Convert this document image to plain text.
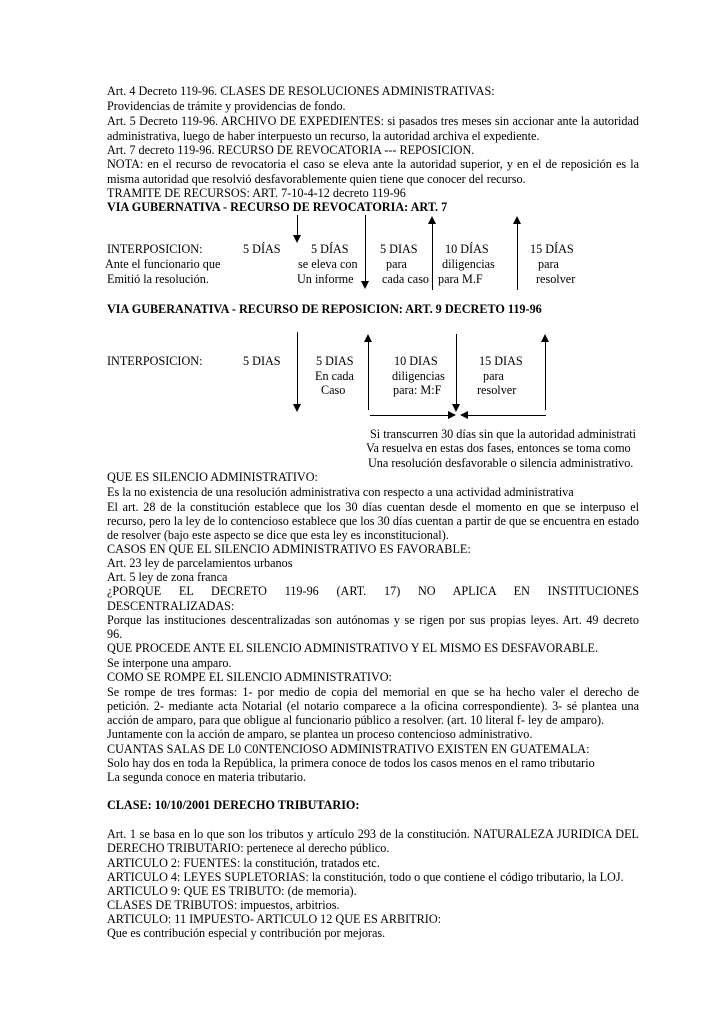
Art. 4 Decreto 119-96. CLASES DE RESOLUCIONES ADMINISTRATIVAS:
Providencias de trámite y providencias de fondo.
Art. 5 Decreto 119-96. ARCHIVO DE EXPEDIENTES: si pasados tres meses sin accionar ante la autoridad
administrativa, luego de haber interpuesto un recurso, la autoridad archiva el expediente.
Art. 7 decreto 119-96. RECURSO DE REVOCATORIA --- REPOSICION.
NOTA: en el recurso de revocatoria el caso se eleva ante la autoridad superior, y en el de reposición es la
misma autoridad que resolvió desfavorablemente quien tiene que conocer del recurso.
TRAMITE DE RECURSOS: ART. 7-10-4-12 decreto 119-96
VIA GUBERNATIVA - RECURSO DE REVOCATORIA: ART. 7
INTERPOSICION:
Ante el funcionario que
Emitió la resolución.
5 DÍAS 5 DÍAS
se eleva con
Un informe
5 DIAS
para
cada caso
10 DÍAS
diligencias
para M.F
15 DÍAS
para
resolver
VIA GUBERANATIVA - RECURSO DE REPOSICION: ART. 9 DECRETO 119-96
INTERPOSICION:	5 DIAS	5 DIAS
En cada
Caso
10 DIAS
diligencias
para: M:F
15 DIAS
para
resolver
Si transcurren 30 días sin que la autoridad administrati
Va resuelva en estas dos fases, entonces se toma como
Una resolución desfavorable o silencia administrativo.
QUE ES SILENCIO ADMINISTRATIVO:
Es la no existencia de una resolución administrativa con respecto a una actividad administrativa
El art. 28 de la constitución establece que los 30 días cuentan desde el momento en que se interpuso el
recurso, pero la ley de lo contencioso establece que los 30 días cuentan a partir de que se encuentra en estado
de resolver (bajo este aspecto se dice que esta ley es inconstitucional).
CASOS EN QUE EL SILENCIO ADMINISTRATIVO ES FAVORABLE:
Art. 23 ley de parcelamientos urbanos
Art. 5 ley de zona franca
¿PORQUE EL DECRETO 119-96 (ART. 17) NO APLICA EN INSTITUCIONES
DESCENTRALIZADAS:
Porque las instituciones descentralizadas son autónomas y se rigen por sus propias leyes. Art. 49 decreto
96.
QUE PROCEDE ANTE EL SILENCIO ADMINISTRATIVO Y EL MISMO ES DESFAVORABLE.
Se interpone una amparo.
COMO SE ROMPE EL SILENCIO ADMINISTRATIVO:
Se rompe de tres formas: 1- por medio de copia del memorial en que se ha hecho valer el derecho de
petición. 2- mediante acta Notarial (el notario comparece a la oficina correspondiente). 3- sé plantea una
acción de amparo, para que obligue al funcionario público a resolver. (art. 10 literal f- ley de amparo).
Juntamente con la acción de amparo, se plantea un proceso contencioso administrativo.
CUANTAS SALAS DE L0 C0NTENCIOSO ADMINISTRATIVO EXISTEN EN GUATEMALA:
Solo hay dos en toda la República, la primera conoce de todos los casos menos en el ramo tributario
La segunda conoce en materia tributario.
CLASE: 10/10/2001 DERECHO TRIBUTARIO:
Art. 1 se basa en lo que son los tributos y artículo 293 de la constitución. NATURALEZA JURIDICA DEL
DERECHO TRIBUTARIO: pertenece al derecho público.
ARTICULO 2: FUENTES: la constitución, tratados etc.
ARTICULO 4: LEYES SUPLETORIAS: la constitución, todo o que contiene el código tributario, la LOJ.
ARTICULO 9: QUE ES TRIBUTO: (de memoria).
CLASES DE TRIBUTOS: impuestos, arbitrios.
ARTICULO: 11 IMPUESTO- ARTICULO 12 QUE ES ARBITRIO:
Que es contribución especial y contribución por mejoras.
